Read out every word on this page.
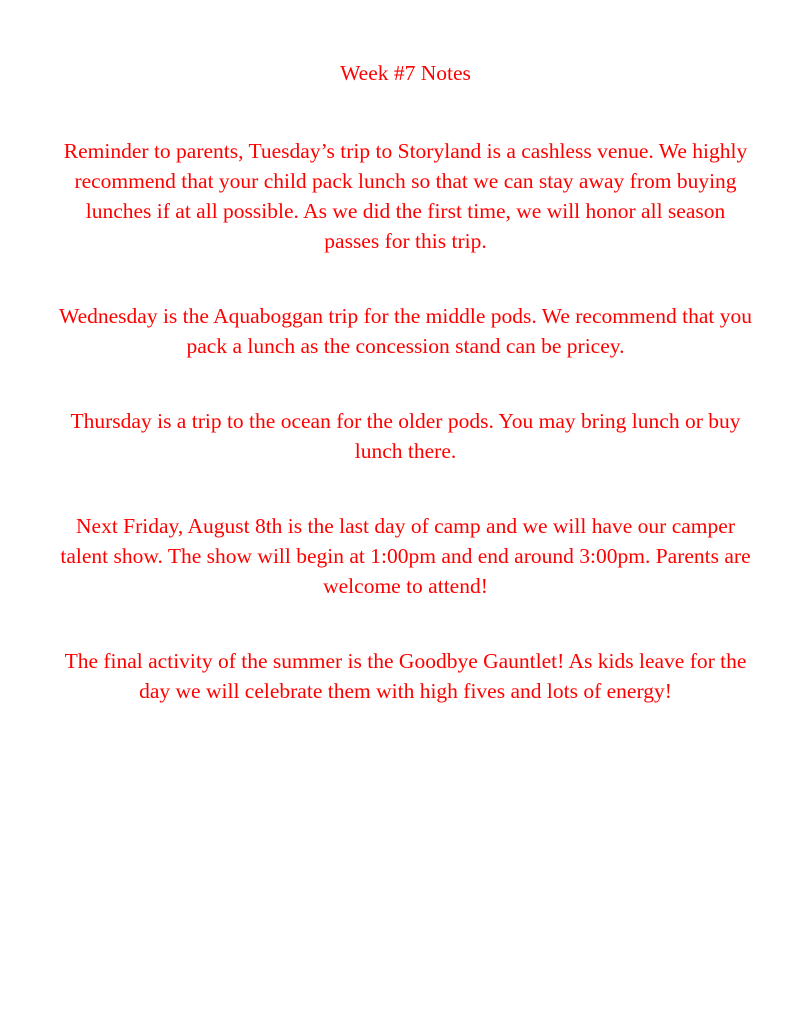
Week #7 Notes

Reminder to parents, Tuesday’s trip to Storyland is a cashless venue. We highly recommend that your child pack lunch so that we can stay away from buying lunches if at all possible. As we did the first time, we will honor all season passes for this trip.

Wednesday is the Aquaboggan trip for the middle pods. We recommend that you pack a lunch as the concession stand can be pricey.

Thursday is a trip to the ocean for the older pods. You may bring lunch or buy lunch there.

Next Friday, August 8th is the last day of camp and we will have our camper talent show. The show will begin at 1:00pm and end around 3:00pm. Parents are welcome to attend!

The final activity of the summer is the Goodbye Gauntlet! As kids leave for the day we will celebrate them with high fives and lots of energy!
